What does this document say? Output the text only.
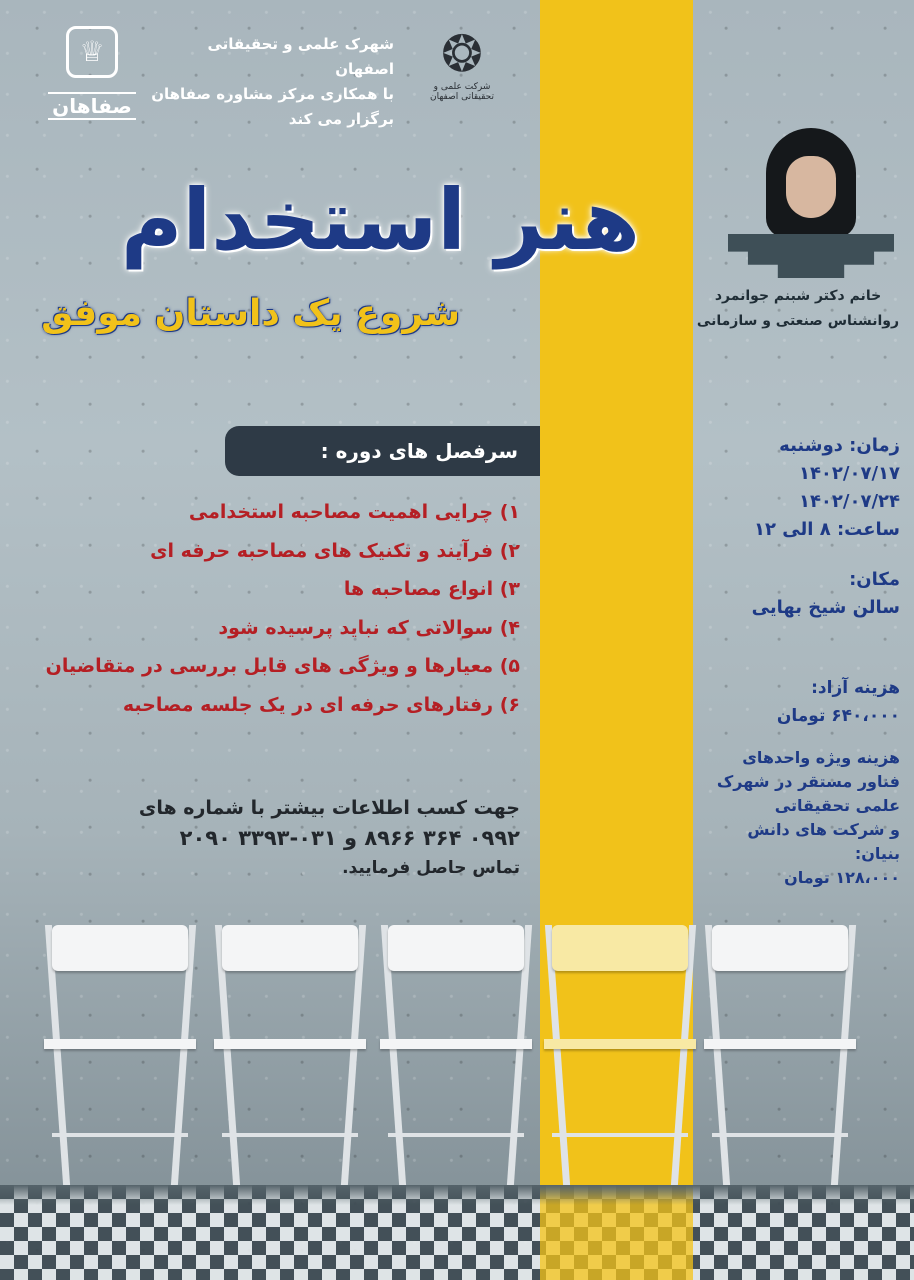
♕
صفاهان
شهرک علمی و تحقیقاتی اصفهان
با همکاری مرکز مشاوره صفاهان
برگزار می کند
❂
شرکت علمی و تحقیقاتی اصفهان
هنر استخدام
شروع یک داستان موفق	خانم دکتر شبنم جوانمرد
روانشناس صنعتی و سازمانی
سرفصل های دوره :
۱) چرایی اهمیت مصاحبه استخدامی
۲) فرآیند و تکنیک های مصاحبه حرفه ای
۳) انواع مصاحبه ها
۴) سوالاتی که نباید پرسیده شود
۵) معیارها و ویژگی های قابل بررسی در متقاضیان
۶) رفتارهای حرفه ای در یک جلسه مصاحبه
جهت کسب اطلاعات بیشتر با شماره های
۰۹۹۲ ۳۶۴ ۸۹۶۶ و ۰۳۱-۳۳۹۳ ۲۰۹۰
تماس حاصل فرمایید.
زمان: دوشنبه
۱۴۰۲/۰۷/۱۷
۱۴۰۲/۰۷/۲۴
ساعت: ۸ الی ۱۲
مکان:
سالن شیخ بهایی
هزینه آزاد:
۶۴۰،۰۰۰ تومان
هزینه ویژه واحدهای
فناور مستقر در شهرک
علمی تحقیقاتی
و شرکت های دانش بنیان:
۱۲۸،۰۰۰ تومان
